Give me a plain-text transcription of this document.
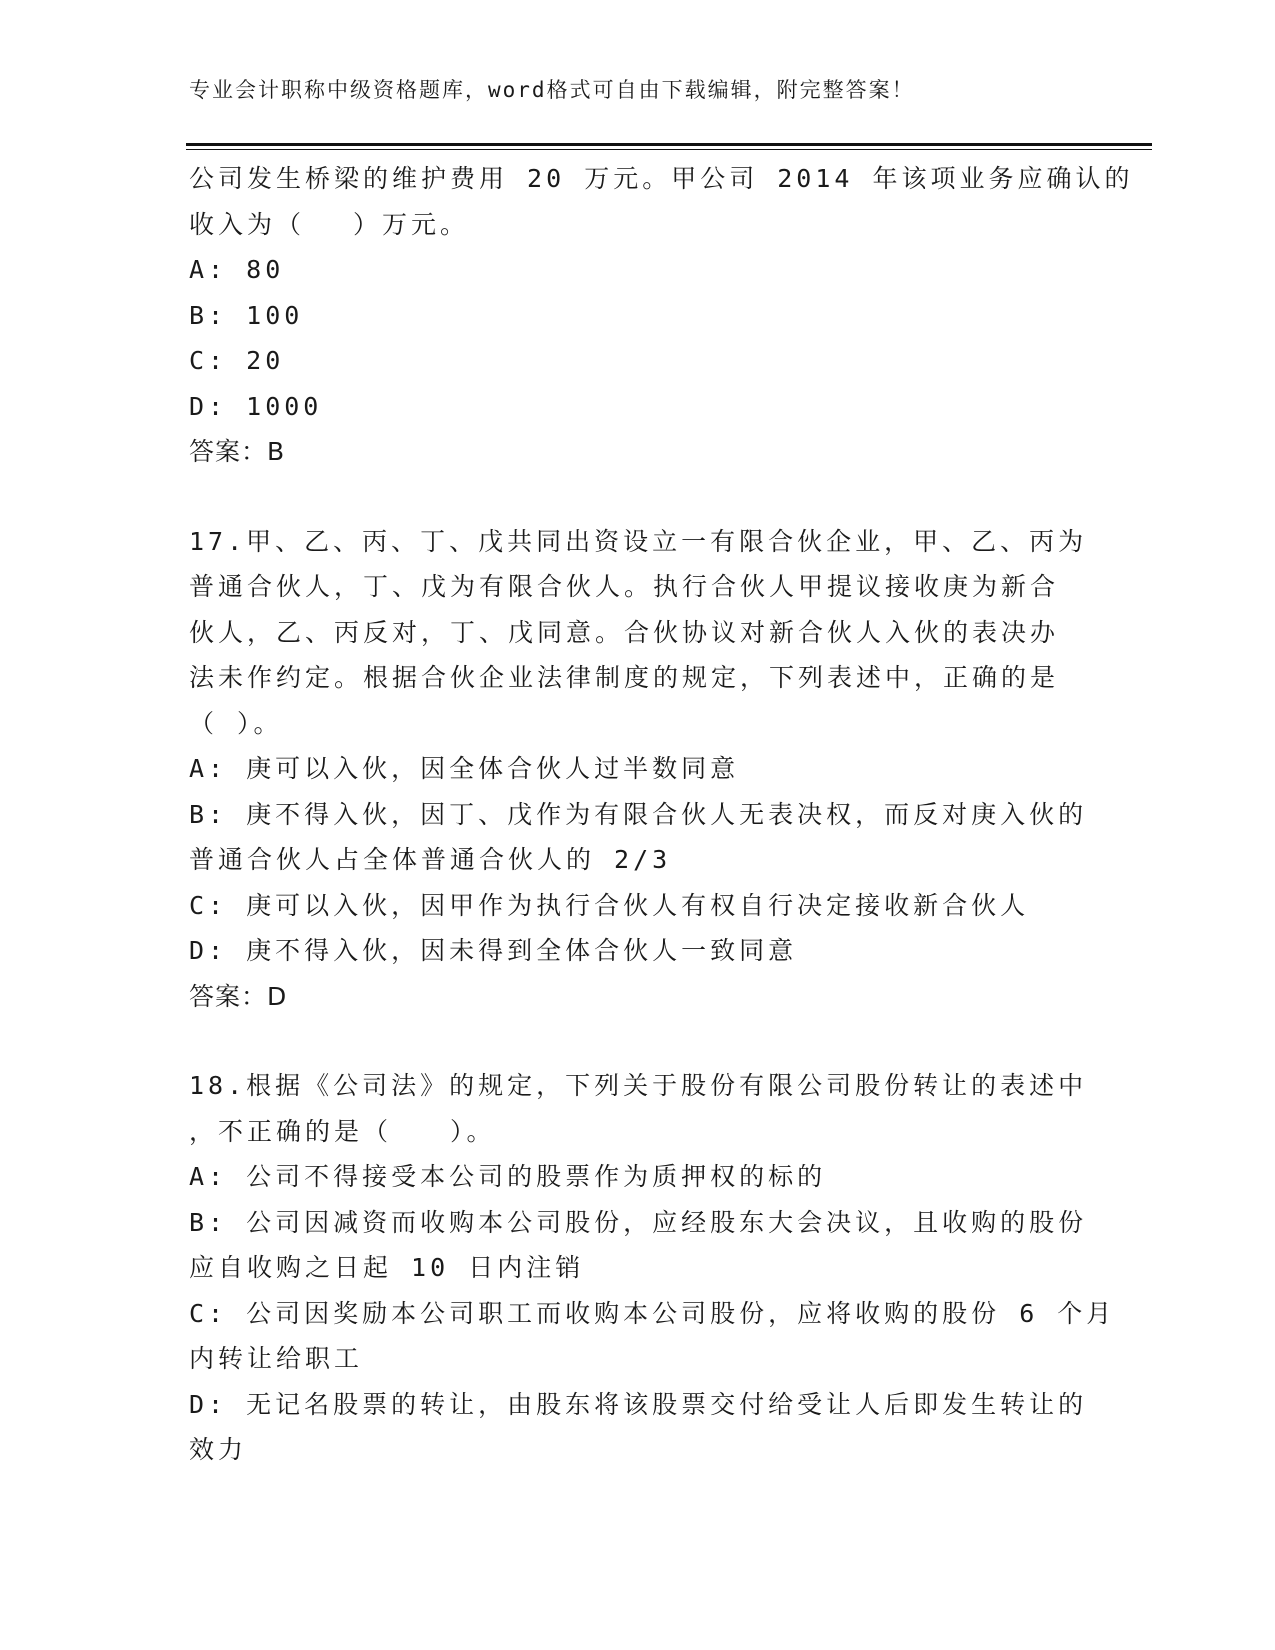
专业会计职称中级资格题库，word格式可自由下载编辑，附完整答案！
公司发生桥梁的维护费用 20 万元。甲公司 2014 年该项业务应确认的
收入为（　 ）万元。
A: 80
B: 100
C: 20
D: 1000
答案：B
17.甲、乙、丙、丁、戊共同出资设立一有限合伙企业，甲、乙、丙为
普通合伙人，丁、戊为有限合伙人。执行合伙人甲提议接收庚为新合
伙人，乙、丙反对，丁、戊同意。合伙协议对新合伙人入伙的表决办
法未作约定。根据合伙企业法律制度的规定，下列表述中，正确的是
（ ）。
A: 庚可以入伙，因全体合伙人过半数同意
B: 庚不得入伙，因丁、戊作为有限合伙人无表决权，而反对庚入伙的
普通合伙人占全体普通合伙人的 2/3
C: 庚可以入伙，因甲作为执行合伙人有权自行决定接收新合伙人
D: 庚不得入伙，因未得到全体合伙人一致同意
答案：D
18.根据《公司法》的规定，下列关于股份有限公司股份转让的表述中
，不正确的是（　　）。
A: 公司不得接受本公司的股票作为质押权的标的
B: 公司因减资而收购本公司股份，应经股东大会决议，且收购的股份
应自收购之日起 10 日内注销
C: 公司因奖励本公司职工而收购本公司股份，应将收购的股份 6 个月
内转让给职工
D: 无记名股票的转让，由股东将该股票交付给受让人后即发生转让的
效力
